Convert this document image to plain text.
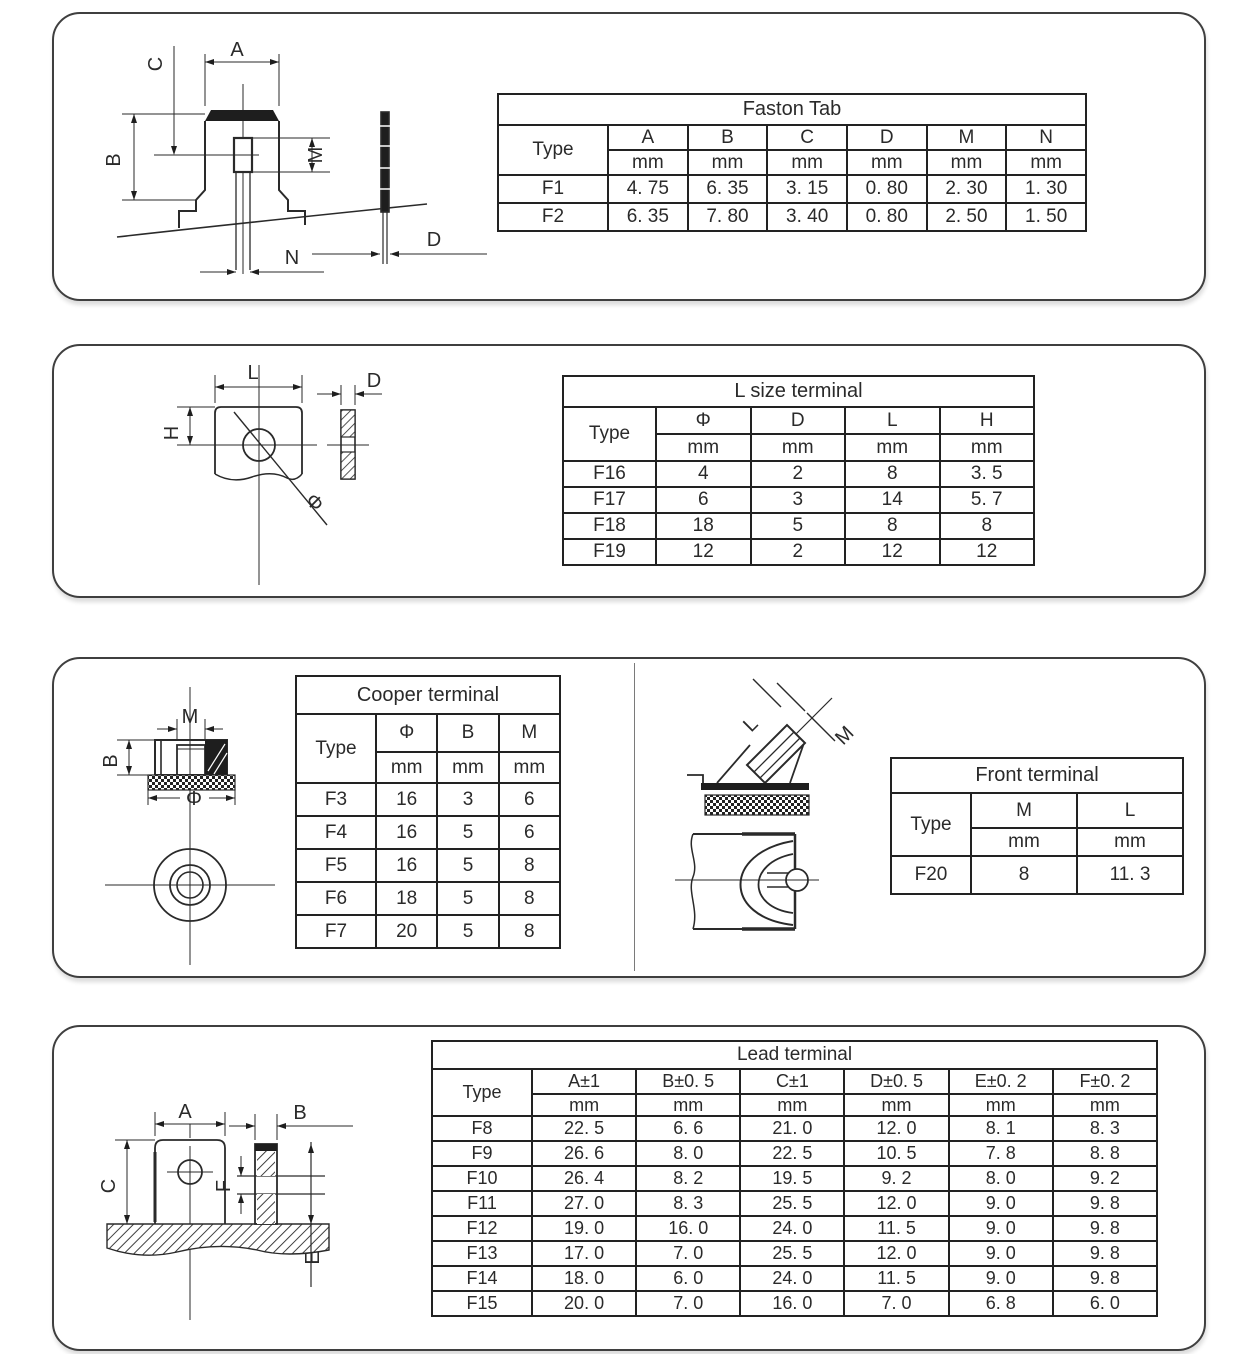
A
C
B	M
N
D
Faston Tab						
Type	A	B	C	D	M	N
	mm	mm	mm	mm	mm	mm
F1	4. 75	6. 35	3. 15	0. 80	2. 30	1. 30
F2	6. 35	7. 80	3. 40	0. 80	2. 50	1. 50
L
H
D
Φ
L size terminal				
Type	Φ	D	L	H
	mm	mm	mm	mm
F16	4	2	8	3. 5
F17	6	3	14	5. 7
F18	18	5	8	8
F19	12	2	12	12
M
B
Φ
Cooper terminal			
Type	Φ	B	M
	mm	mm	mm
F3	16	3	6
F4	16	5	6
F5	16	5	8
F6	18	5	8
F7	20	5	8
L	M
Front terminal		
Type	M	L
	mm	mm
F20	8	11. 3
A	B
C	F
E
Lead terminal						
Type	A±1	B±0. 5	C±1	D±0. 5	E±0. 2	F±0. 2
	mm	mm	mm	mm	mm	mm
F8	22. 5	6. 6	21. 0	12. 0	8. 1	8. 3
F9	26. 6	8. 0	22. 5	10. 5	7. 8	8. 8
F10	26. 4	8. 2	19. 5	9. 2	8. 0	9. 2
F11	27. 0	8. 3	25. 5	12. 0	9. 0	9. 8
F12	19. 0	16. 0	24. 0	11. 5	9. 0	9. 8
F13	17. 0	7. 0	25. 5	12. 0	9. 0	9. 8
F14	18. 0	6. 0	24. 0	11. 5	9. 0	9. 8
F15	20. 0	7. 0	16. 0	7. 0	6. 8	6. 0
